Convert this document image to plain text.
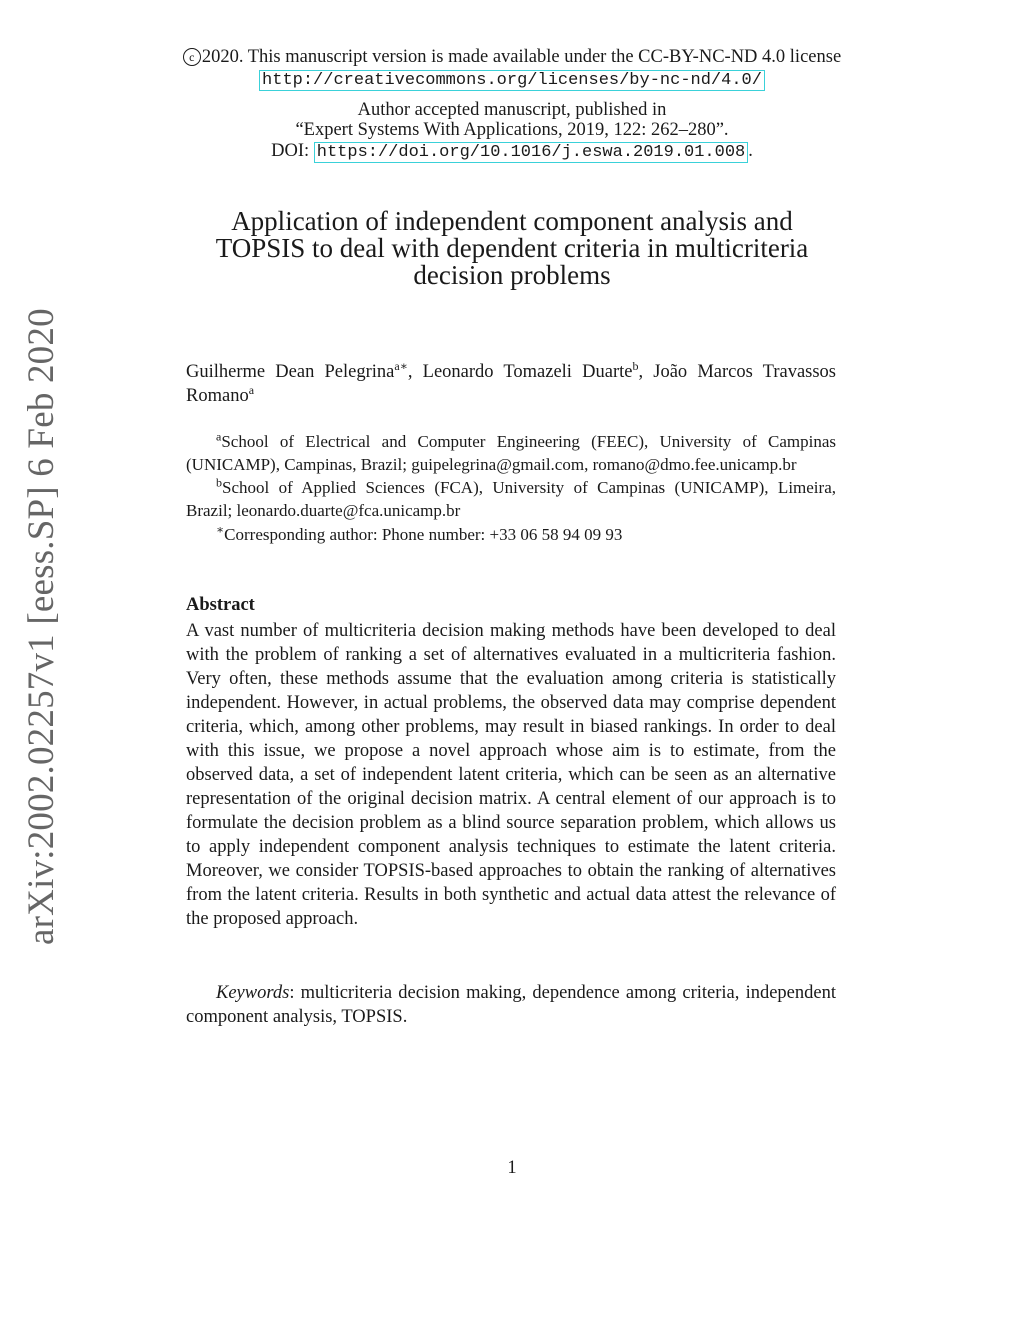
arXiv:2002.02257v1 [eess.SP] 6 Feb 2020
c 2020. This manuscript version is made available under the CC-BY-NC-ND 4.0 license
http://creativecommons.org/licenses/by-nc-nd/4.0/
Author accepted manuscript, published in
“Expert Systems With Applications, 2019, 122: 262–280”.
DOI: https://doi.org/10.1016/j.eswa.2019.01.008 .
Application of independent component analysis and
TOPSIS to deal with dependent criteria in multicriteria
decision problems
Guilherme Dean Pelegrina$^{a∗}$, Leonardo Tomazeli Duarte$^b$, João Marcos Travassos Romano$^a$

$^a$School of Electrical and Computer Engineering (FEEC), University of Campinas (UNICAMP), Campinas, Brazil; guipelegrina@gmail.com, romano@dmo.fee.unicamp.br

$^b$School of Applied Sciences (FCA), University of Campinas (UNICAMP), Limeira, Brazil; leonardo.duarte@fca.unicamp.br

∗Corresponding author: Phone number: +33 06 58 94 09 93
Abstract
A vast number of multicriteria decision making methods have been developed to deal with the problem of ranking a set of alternatives evaluated in a multicriteria fashion. Very often, these methods assume that the evaluation among criteria is statistically independent. However, in actual problems, the observed data may comprise dependent criteria, which, among other problems, may result in biased rankings. In order to deal with this issue, we propose a novel approach whose aim is to estimate, from the observed data, a set of independent latent criteria, which can be seen as an alternative representation of the original decision matrix. A central element of our approach is to formulate the decision problem as a blind source separation problem, which allows us to apply independent component analysis techniques to estimate the latent criteria. Moreover, we consider TOPSIS-based approaches to obtain the ranking of alternatives from the latent criteria. Results in both synthetic and actual data attest the relevance of the proposed approach.
Keywords: multicriteria decision making, dependence among criteria, independent component analysis, TOPSIS.
1
